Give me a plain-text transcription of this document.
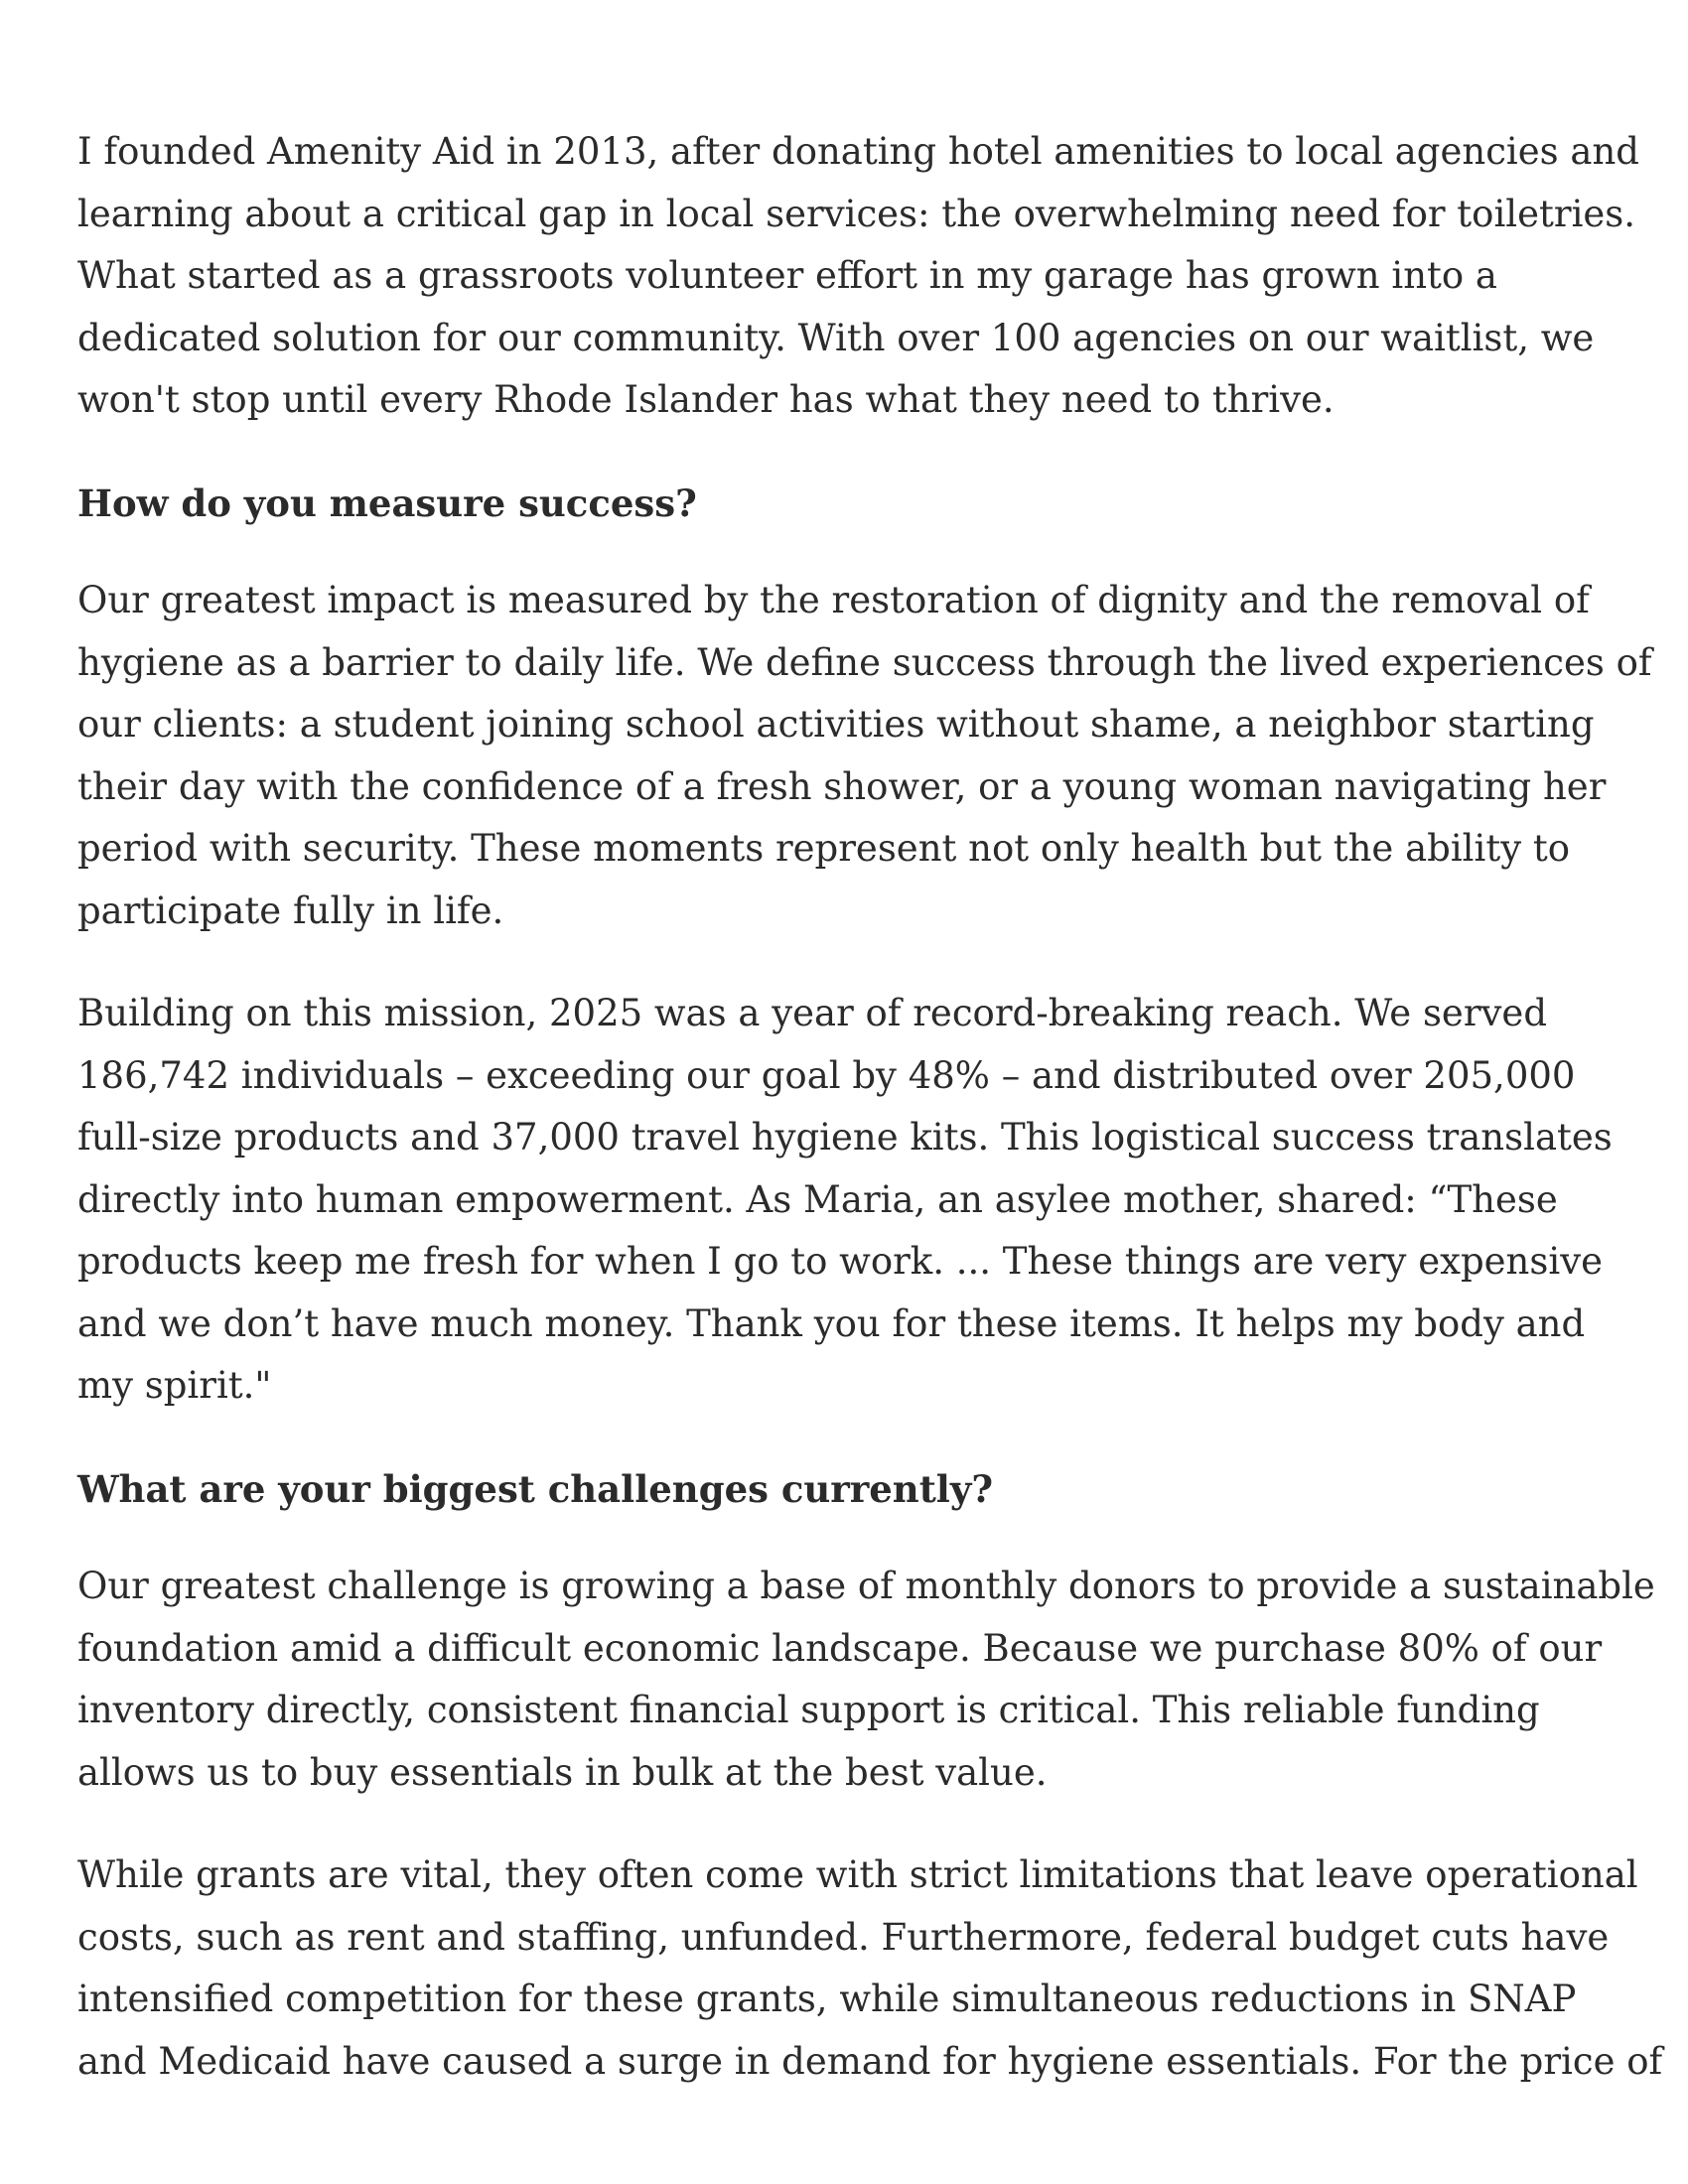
I founded Amenity Aid in 2013, after donating hotel amenities to local agencies and
learning about a critical gap in local services: the overwhelming need for toiletries.
What started as a grassroots volunteer effort in my garage has grown into a
dedicated solution for our community. With over 100 agencies on our waitlist, we
won't stop until every Rhode Islander has what they need to thrive.

How do you measure success?

Our greatest impact is measured by the restoration of dignity and the removal of
hygiene as a barrier to daily life. We define success through the lived experiences of
our clients: a student joining school activities without shame, a neighbor starting
their day with the confidence of a fresh shower, or a young woman navigating her
period with security. These moments represent not only health but the ability to
participate fully in life.

Building on this mission, 2025 was a year of record-breaking reach. We served
186,742 individuals – exceeding our goal by 48% – and distributed over 205,000
full-size products and 37,000 travel hygiene kits. This logistical success translates
directly into human empowerment. As Maria, an asylee mother, shared: “These
products keep me fresh for when I go to work. ... These things are very expensive
and we don’t have much money. Thank you for these items. It helps my body and
my spirit."

What are your biggest challenges currently?

Our greatest challenge is growing a base of monthly donors to provide a sustainable
foundation amid a difficult economic landscape. Because we purchase 80% of our
inventory directly, consistent financial support is critical. This reliable funding
allows us to buy essentials in bulk at the best value.

While grants are vital, they often come with strict limitations that leave operational
costs, such as rent and staffing, unfunded. Furthermore, federal budget cuts have
intensified competition for these grants, while simultaneous reductions in SNAP
and Medicaid have caused a surge in demand for hygiene essentials. For the price of
